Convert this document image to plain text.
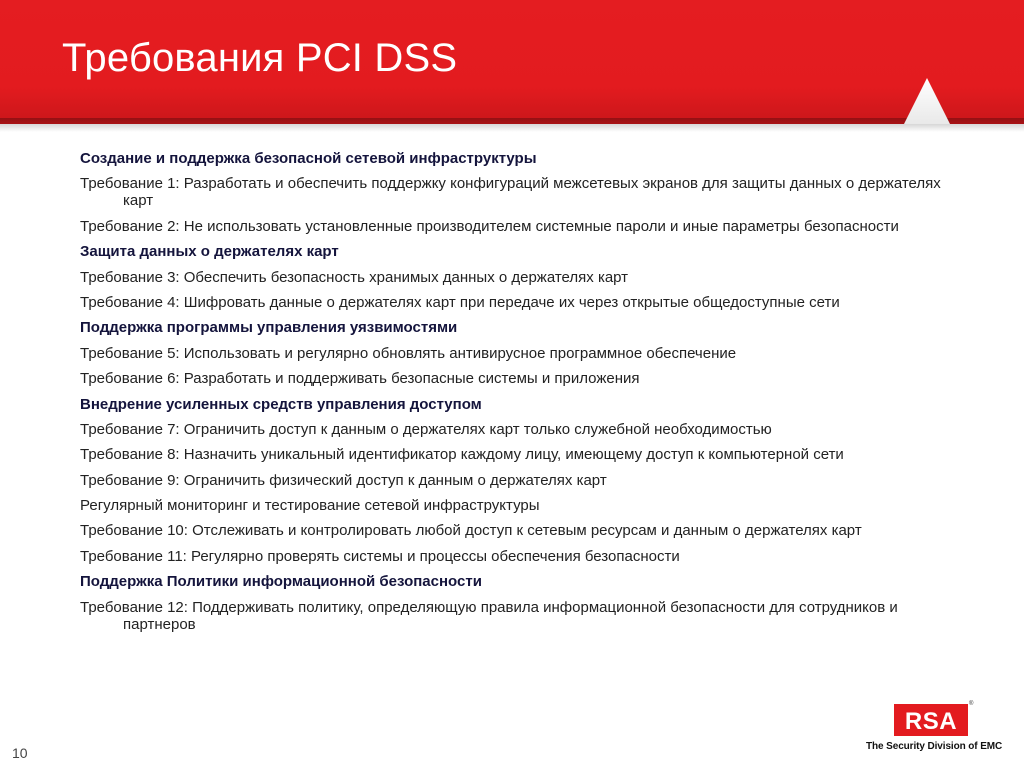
Требования PCI DSS
Создание и поддержка безопасной сетевой инфраструктуры
Требование 1: Разработать и обеспечить поддержку конфигураций межсетевых экранов для защиты данных о держателях карт
Требование 2: Не использовать установленные производителем системные пароли и иные параметры безопасности
Защита данных о держателях карт
Требование 3: Обеспечить безопасность хранимых данных о держателях карт
Требование 4: Шифровать данные о держателях карт при передаче их через открытые общедоступные сети
Поддержка программы управления уязвимостями
Требование 5: Использовать и регулярно обновлять антивирусное программное обеспечение
Требование 6: Разработать и поддерживать безопасные системы и приложения
Внедрение усиленных средств управления доступом
Требование 7: Ограничить доступ к данным о держателях карт только служебной необходимостью
Требование 8: Назначить уникальный идентификатор каждому лицу, имеющему доступ к компьютерной сети
Требование 9: Ограничить физический доступ к данным о держателях карт
Регулярный мониторинг и тестирование сетевой инфраструктуры
Требование 10: Отслеживать и контролировать любой доступ к сетевым ресурсам и данным о держателях карт
Требование 11: Регулярно проверять системы и процессы обеспечения безопасности
Поддержка Политики информационной безопасности
Требование 12: Поддерживать политику, определяющую правила информационной безопасности для сотрудников и партнеров
10
RSA
®
The Security Division of EMC
